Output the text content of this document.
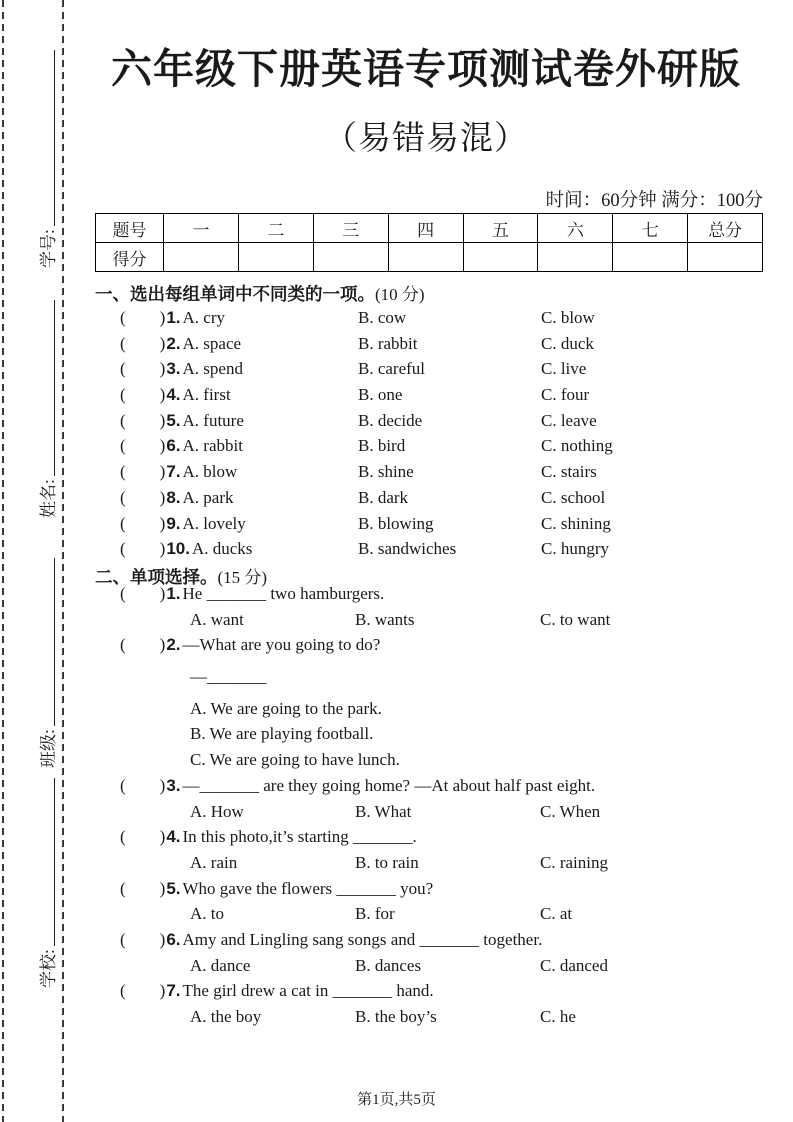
学号:
姓名:
班级:
学校:
六年级下册英语专项测试卷外研版
（易错易混）
时间：60分钟 满分：100分
题号	一	二	三	四	五	六	七	总分
得分								
一、选出每组单词中不同类的一项。(10 分)
(　　)1. A. cry	B. cow	C. blow
(　　)2. A. space	B. rabbit	C. duck
(　　)3. A. spend	B. careful	C. live
(　　)4. A. first	B. one	C. four
(　　)5. A. future	B. decide	C. leave
(　　)6. A. rabbit	B. bird	C. nothing
(　　)7. A. blow	B. shine	C. stairs
(　　)8. A. park	B. dark	C. school
(　　)9. A. lovely	B. blowing	C. shining
(　　)10. A. ducks	B. sandwiches	C. hungry
二、单项选择。(15 分)
(　　)1. He _______ two hamburgers.
A. want	B. wants	C. to want
(　　)2. —What are you going to do?
—_______
A. We are going to the park.
B. We are playing football.
C. We are going to have lunch.
(　　)3. —_______ are they going home? —At about half past eight.
A. How	B. What	C. When
(　　)4. In this photo,it’s starting _______.
A. rain	B. to rain	C. raining
(　　)5. Who gave the flowers _______ you?
A. to	B. for	C. at
(　　)6. Amy and Lingling sang songs and _______ together.
A. dance	B. dances	C. danced
(　　)7. The girl drew a cat in _______ hand.
A. the boy	B. the boy’s	C. he
第1页,共5页
